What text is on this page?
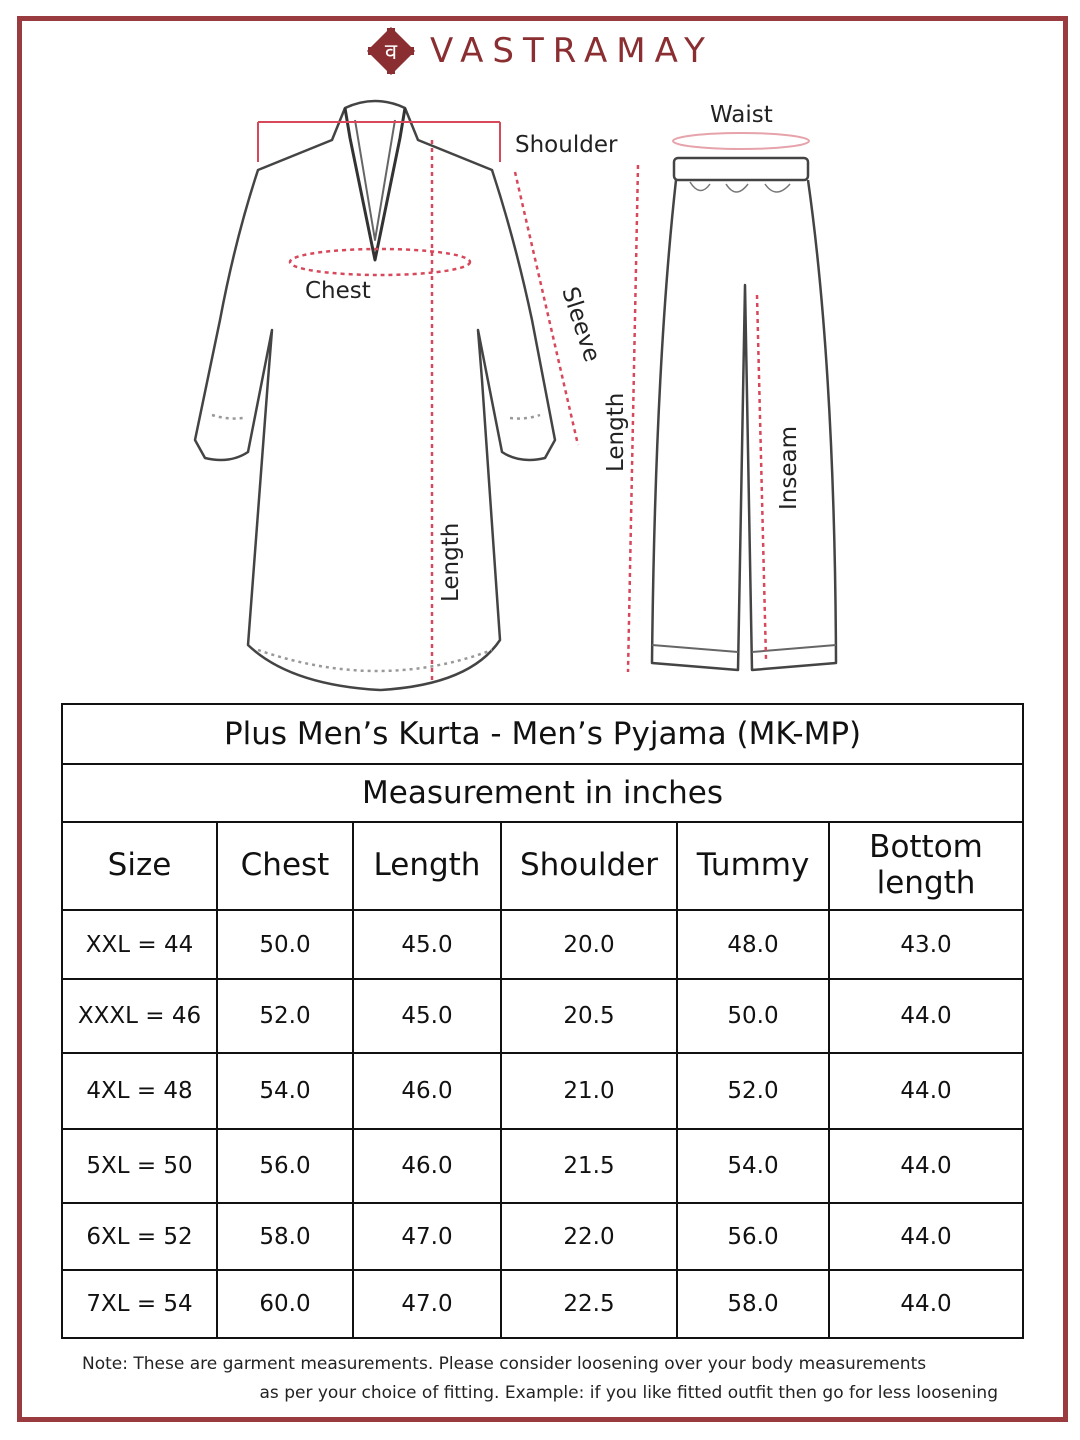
व VASTRAMAY
Shoulder
Chest	Sleeve
Length
Waist
Length	Inseam
Plus Men’s Kurta - Men’s Pyjama (MK-MP)					
Measurement in inches					
Size	Chest	Length	Shoulder	Tummy	Bottom length
XXL = 44	50.0	45.0	20.0	48.0	43.0
XXXL = 46	52.0	45.0	20.5	50.0	44.0
4XL = 48	54.0	46.0	21.0	52.0	44.0
5XL = 50	56.0	46.0	21.5	54.0	44.0
6XL = 52	58.0	47.0	22.0	56.0	44.0
7XL = 54	60.0	47.0	22.5	58.0	44.0
Note: These are garment measurements. Please consider loosening over your body measurements
as per your choice of fitting. Example: if you like fitted outfit then go for less loosening
